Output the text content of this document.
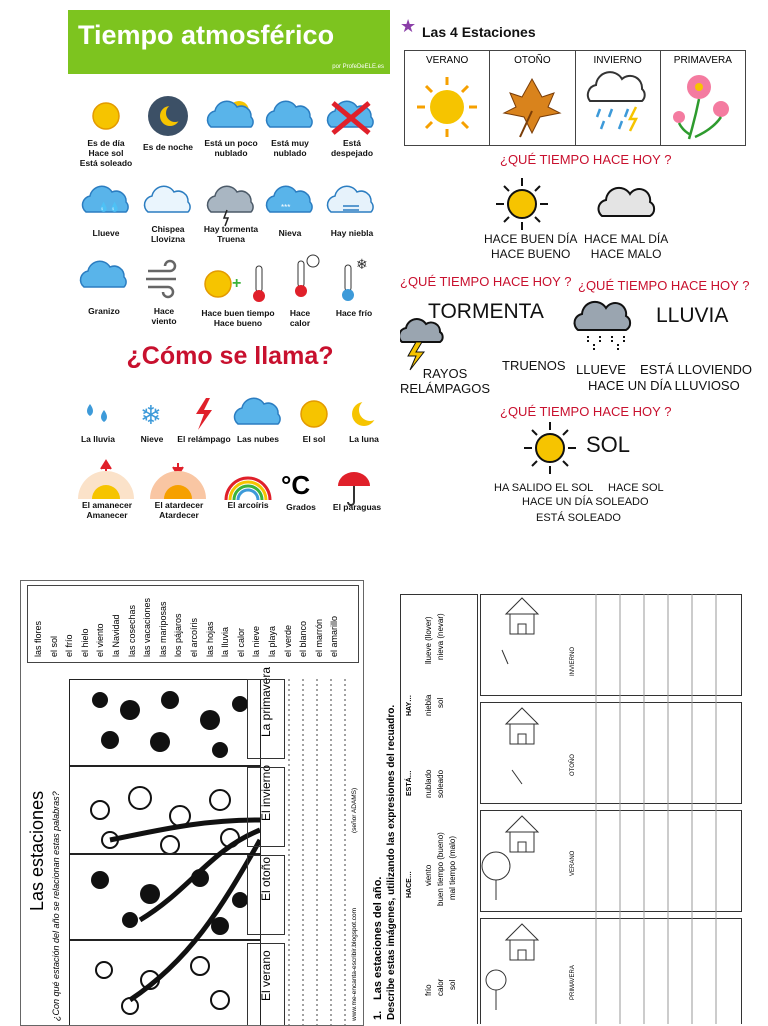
Tiempo atmosférico
por ProfeDeELE.es
💧💧	***
+
❄
❄
°C
Es de día
Hace sol
Está soleado
Es de noche	Está un poco
nublado
Está muy
nublado
Está
despejado
Llueve	Chispea
Llovizna
Hay tormenta
Truena
Nieva	Hay niebla
Granizo	Hace
viento
Hace buen tiempo
Hace bueno
Hace
calor
Hace frío
¿Cómo se llama?
La lluvia	Nieve	El relámpago Las nubes	El sol	La luna
El amanecer
Amanecer
El atardecer
Atardecer
El arcoíris	Grados	El paraguas
★ Las 4 Estaciones
VERANO	OTOÑO	INVIERNO	PRIMAVERA
¿QUÉ TIEMPO HACE HOY ?
HACE BUEN DÍA
HACE BUENO
HACE MAL DÍA
HACE MALO
¿QUÉ TIEMPO HACE HOY ? ¿QUÉ TIEMPO HACE HOY ?
TORMENTA	LLUVIA
RAYOS
RELÁMPAGOS
TRUENOS LLUEVE ESTÁ LLOVIENDO
HACE UN DÍA LLUVIOSO
¿QUÉ TIEMPO HACE HOY ?
SOL
HA SALIDO EL SOL HACE SOL
HACE UN DÍA SOLEADO
ESTÁ SOLEADO
El verano
El otoño
El invierno
La primavera
Las estaciones ¿Con qué estación del año se relacionan estas palabras?	www.me-encanta-escribir.blogspot.com
(señor ADAMS)
las flores el sol el frío el hielo el viento la Navidad las cosechas las vacaciones las mariposas los pájaros el arcoíris las hojas la lluvia el calor la nieve la playa el verde el blanco el marrón el amarillo
1.
Las estaciones del año. Describe estas imágenes, utilizando las expresiones del recuadro. HACE…
frío calor sol
viento buen tiempo (bueno) mal tiempo (malo)
ESTÁ… nublado soleado
HAY… niebla sol
llueve (llover) nieva (nevar)
INVIERNO
OTOÑO
VERANO
PRIMAVERA
